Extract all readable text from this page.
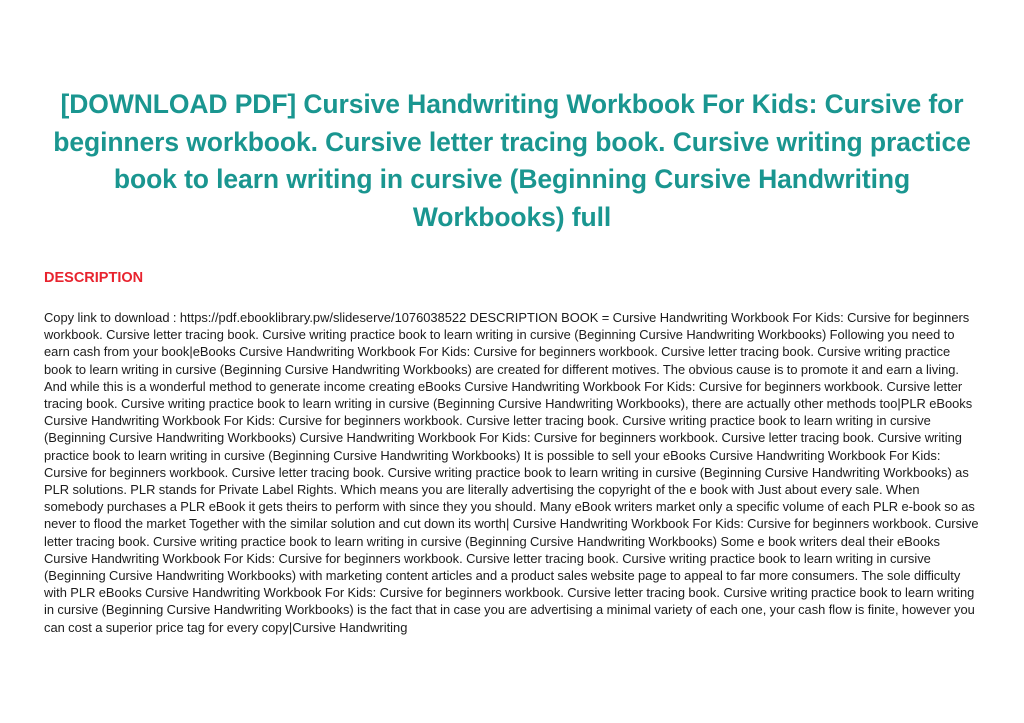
[DOWNLOAD PDF] Cursive Handwriting Workbook For Kids: Cursive for beginners workbook. Cursive letter tracing book. Cursive writing practice book to learn writing in cursive (Beginning Cursive Handwriting Workbooks) full
DESCRIPTION

Copy link to download : https://pdf.ebooklibrary.pw/slideserve/1076038522 DESCRIPTION BOOK = Cursive Handwriting Workbook For Kids: Cursive for beginners workbook. Cursive letter tracing book. Cursive writing practice book to learn writing in cursive (Beginning Cursive Handwriting Workbooks) Following you need to earn cash from your book|eBooks Cursive Handwriting Workbook For Kids: Cursive for beginners workbook. Cursive letter tracing book. Cursive writing practice book to learn writing in cursive (Beginning Cursive Handwriting Workbooks) are created for different motives. The obvious cause is to promote it and earn a living. And while this is a wonderful method to generate income creating eBooks Cursive Handwriting Workbook For Kids: Cursive for beginners workbook. Cursive letter tracing book. Cursive writing practice book to learn writing in cursive (Beginning Cursive Handwriting Workbooks), there are actually other methods too|PLR eBooks Cursive Handwriting Workbook For Kids: Cursive for beginners workbook. Cursive letter tracing book. Cursive writing practice book to learn writing in cursive (Beginning Cursive Handwriting Workbooks) Cursive Handwriting Workbook For Kids: Cursive for beginners workbook. Cursive letter tracing book. Cursive writing practice book to learn writing in cursive (Beginning Cursive Handwriting Workbooks) It is possible to sell your eBooks Cursive Handwriting Workbook For Kids: Cursive for beginners workbook. Cursive letter tracing book. Cursive writing practice book to learn writing in cursive (Beginning Cursive Handwriting Workbooks) as PLR solutions. PLR stands for Private Label Rights. Which means you are literally advertising the copyright of the e book with Just about every sale. When somebody purchases a PLR eBook it gets theirs to perform with since they you should. Many eBook writers market only a specific volume of each PLR e-book so as never to flood the market Together with the similar solution and cut down its worth| Cursive Handwriting Workbook For Kids: Cursive for beginners workbook. Cursive letter tracing book. Cursive writing practice book to learn writing in cursive (Beginning Cursive Handwriting Workbooks) Some e book writers deal their eBooks Cursive Handwriting Workbook For Kids: Cursive for beginners workbook. Cursive letter tracing book. Cursive writing practice book to learn writing in cursive (Beginning Cursive Handwriting Workbooks) with marketing content articles and a product sales website page to appeal to far more consumers. The sole difficulty with PLR eBooks Cursive Handwriting Workbook For Kids: Cursive for beginners workbook. Cursive letter tracing book. Cursive writing practice book to learn writing in cursive (Beginning Cursive Handwriting Workbooks) is the fact that in case you are advertising a minimal variety of each one, your cash flow is finite, however you can cost a superior price tag for every copy|Cursive Handwriting
